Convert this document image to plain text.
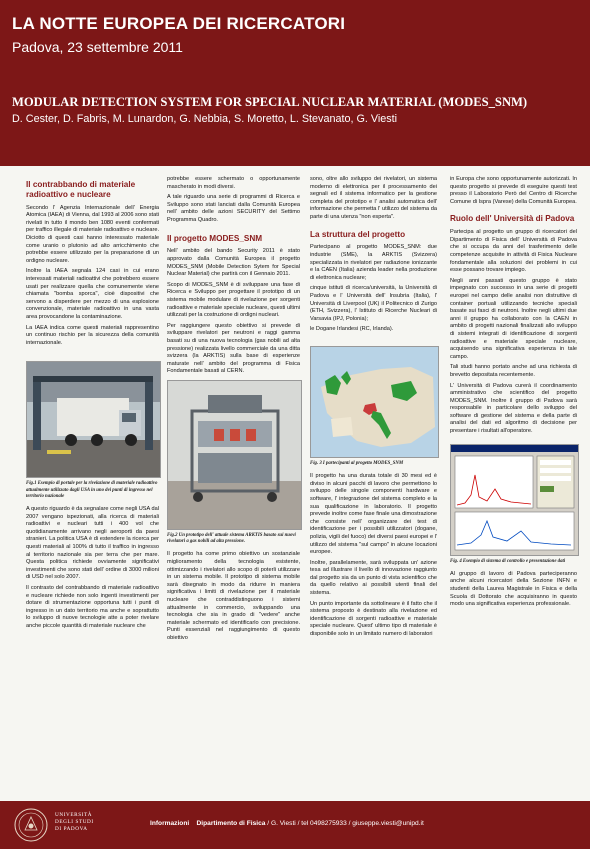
LA NOTTE EUROPEA DEI RICERCATORI
Padova, 23 settembre 2011
MODULAR DETECTION SYSTEM FOR SPECIAL NUCLEAR MATERIAL (MODES_SNM)
D. Cester, D. Fabris, M. Lunardon, G. Nebbia, S. Moretto, L. Stevanato, G. Viesti
Il contrabbando di materiale radioattivo e nucleare

Secondo l' Agenzia Internazionale dell' Energia Atomica (IAEA) di Vienna, dal 1993 al 2006 sono stati rivelati in tutto il mondo ben 1080 eventi confermati per traffico illegale di materiale radioattivo e nucleare. Diciotto di questi casi hanno interessato materiale come uranio o plutonio ad alto arricchimento che potrebbe essere utilizzato per la preparazione di un ordigno nucleare.

Inoltre la IAEA segnala 124 casi in cui erano interessati materiali radioattivi che potrebbero essere usati per realizzare quella che comunemente viene chiamata "bomba sporca", cioè dispositivi che servono a disperdere per mezzo di una esplosione convenzionale, materiale radioattivo in una vasta area provocandone la contaminazione.

La IAEA indica come questi materiali rappresentino un continuo rischio per la sicurezza della comunità internazionale.

Fig.1 Esempio di portale per la rivelazione di materiale radioattivo attualmente utilizzato dagli USA in uno dei punti di ingresso nel territorio nazionale

A questo riguardo è da segnalare come negli USA dal 2007 vengano ispezionati, alla ricerca di materiali radioattivi e nucleari tutti i 400 vol che quotidianamente arrivano negli aeroporti da paesi stranieri. La politica USA è di estendere la ricerca per questi materiali al 100% di tutto il traffico in ingresso al territorio nazionale sia per terra che per mare. Questa politica richiede ovviamente significativi investimenti che sono stati dell' ordine di 3000 milioni di USD nel solo 2007.

Il contrasto del contrabbando di materiale radioattivo e nucleare richiede non solo ingenti investimenti per dotare di strumentazione opportuna tutti i punti di ingresso in un dato territorio ma anche e soprattutto lo sviluppo di nuove tecnologie atte a poter rivelare anche piccole quantità di materiale nucleare che

potrebbe essere schermato o opportunamente mascherato in modi diversi.

A tale riguardo una serie di programmi di Ricerca e Sviluppo sono stati lanciati dalla Comunità Europea nell' ambito delle azioni SECURITY del Settimo Programma Quadro.

Il progetto MODES_SNM

Nell' ambito del bando Security 2011 è stato approvato dalla Comunità Europea il progetto MODES_SNM (Mobile Detection Sytem for Special Nuclear Material) che partirà con il Gennaio 2011.

Scopo di MODES_SNM è di sviluppare una fase di Ricerca e Sviluppo per progettare il prototipo di un sistema mobile modulare di rivelazione per sorgenti radioattive e materiale speciale nucleare, questi ultimi utilizzati per la costruzione di ordigni nucleari.

Per raggiungere questo obiettivo si prevede di sviluppare rivelatori per neutroni e raggi gamma basati su di una nuova tecnologia (gas nobili ad alta pressione) realizzata livello commerciale da una ditta svizzera (la ARKTIS) sulla base di esperienze maturate nell' ambito del programma di Fisica Fondamentale basati al CERN.

Fig.2 Un prototipo dell' attuale sistema ARKTIS basato sui nuovi rivelatori a gas nobili ad alta pressione.

Il progetto ha come primo obiettivo un sostanziale miglioramento della tecnologia esistente, ottimizzando i rivelatori allo scopo di poterli utilizzare in un sistema mobile. Il prototipo di sistema mobile sarà disegnato in modo da ridurre in maniera significativa i limiti di rivelazione per il materiale nucleare che contraddistinguono i sistemi attualmente in commercio, sviluppando una tecnologia che sia in grado di "vedere" anche materiale schermato ed identificarlo con precisione. Punti essenziali nel raggiungimento di questo obiettivo

sono, oltre allo sviluppo dei rivelatori, un sistema moderno di elettronica per il processamento dei segnali ed il sistema informatico per la gestione completa del prototipo e l' analisi automatica dell' informazione che permetta l' utilizzo del sistema da parte di una utenza "non esperta".

La struttura del progetto

Partecipano al progetto MODES_SNM: due industrie (SME), la ARKTIS (Svizzera) specializzata in rivelatori per radiazione ionizzante e la CAEN (Italia) azienda leader nella produzione di elettronica nucleare;

cinque istituti di ricerca/università, la Università di Padova e l' Università dell' Insubria (Italia), l' Università di Liverpool (UK) il Politecnico di Zurigo (ETH, Svizzera), l' Istituto di Ricerche Nucleari di Varsavia (IPJ, Polonia);

le Dogane Irlandesi (RC, Irlanda).

Fig. 3 I partecipanti al progetto MODES_SNM

Il progetto ha una durata totale di 30 mesi ed è diviso in alcuni pacchi di lavoro che permettono lo sviluppo delle singole componenti hardware e software, l' integrazione del sistema completo e la sua qualificazione in laboratorio. Il progetto prevede inoltre come fase finale una dimostrazione che consiste nell' organizzare dei test di identificazione per i possibili utilizzatori (dogane, polizia, vigili del fuoco) dei diversi paesi europei e l' utilizzo del sistema "sul campo" in alcune locazioni europee.

Inoltre, parallelamente, sarà sviluppata un' azione tesa ad illustrare il livello di innovazione raggiunto dal progetto sia da un punto di vista scientifico che da quello relativo ai possibili utenti finali del sistema.

Un punto importante da sottolineare è il fatto che il sistema proposto è destinato alla rivelazione ed identificazione di sorgenti radioattive e materiale speciale nucleare. Quest' ultimo tipo di materiale è disponibile solo in un limitato numero di laboratori

in Europa che sono opportunamente autorizzati. In questo progetto si prevede di eseguire questi test presso il Laboratorio Però del Centro di Ricerche Comune di Ispra (Varese) della Comunità Europea.

Ruolo dell' Università di Padova

Partecipa al progetto un gruppo di ricercatori del Dipartimento di Fisica dell' Università di Padova che si occupa da anni del trasferimento delle competenze acquisite in attività di Fisica Nucleare fondamentale alla soluzioni dei problemi in cui esse possano trovare impiego.

Negli anni passati questo gruppo è stato impegnato con successo in una serie di progetti europei nel campo delle analisi non distruttive di container portuali utilizzando tecniche speciali basate sui fasci di neutroni. Inoltre negli ultimi due anni il gruppo ha collaborato con la CAEN in ambito di progetti nazionali finalizzati allo sviluppo di sistemi integrati di identificazione di sorgenti radioattive e materiale speciale nucleare, acquisendo una significativa esperienza in tale campo.

Tali studi hanno portato anche ad una richiesta di brevetto depositata recentemente.

L' Università di Padova curerà il coordinamento amministrativo che scientifico del progetto MODES_SNM. Inoltre il gruppo di Padova sarà responsabile in particolare dello sviluppo del software di gestione del sistema e della parte di analisi del dati ed algoritmo di decisione per presentare i risultati all'operatore.

Fig. 4 Esempio di sistema di controllo e presentazione dati

Al gruppo di lavoro di Padova parteciperanno anche alcuni ricercatori della Sezione INFN e studenti della Laurea Magistrale in Fisica e della Scuola di Dottorato che acquisiranno in questo modo una significativa esperienza professionale.

UNIVERSITÀ
DEGLI STUDI
DI PADOVA
Informazioni Dipartimento di Fisica / G. Viesti / tel 0498275933 / giuseppe.viesti@unipd.it
